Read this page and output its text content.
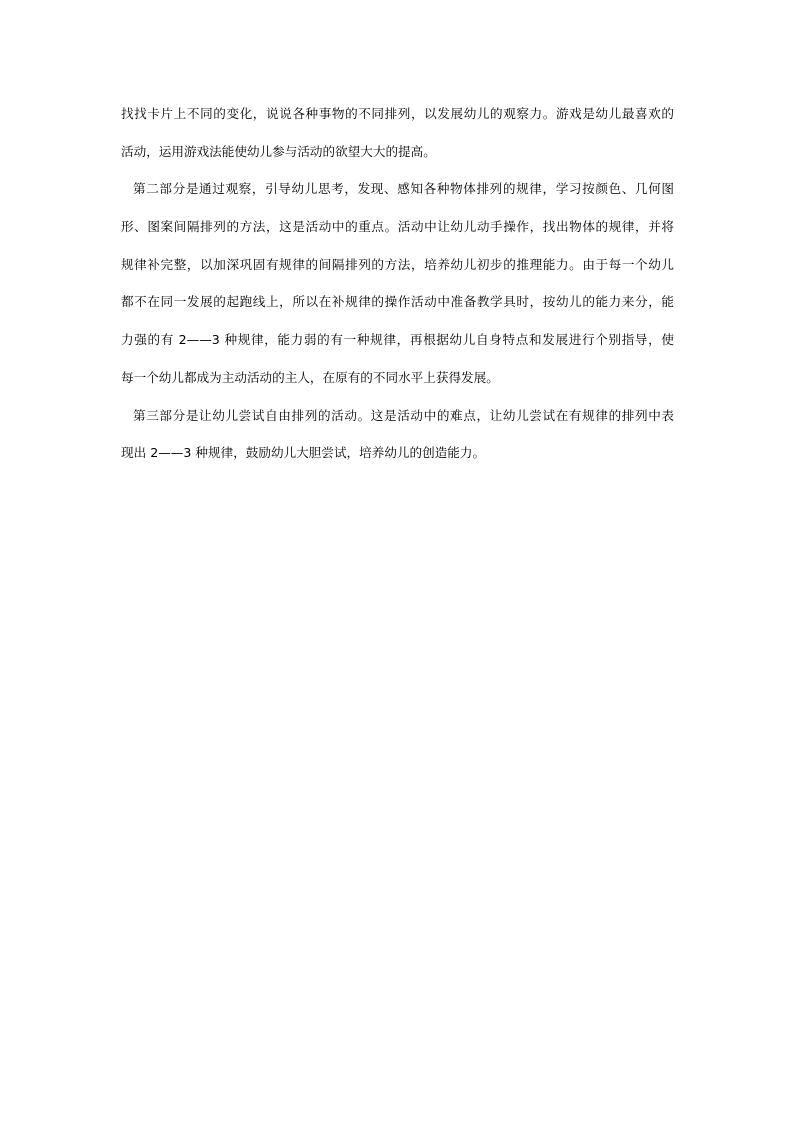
找找卡片上不同的变化，说说各种事物的不同排列，以发展幼儿的观察力。游戏是幼儿最喜欢的
活动，运用游戏法能使幼儿参与活动的欲望大大的提高。
第二部分是通过观察，引导幼儿思考，发现、感知各种物体排列的规律，学习按颜色、几何图
形、图案间隔排列的方法，这是活动中的重点。活动中让幼儿动手操作，找出物体的规律，并将
规律补完整，以加深巩固有规律的间隔排列的方法，培养幼儿初步的推理能力。由于每一个幼儿
都不在同一发展的起跑线上，所以在补规律的操作活动中准备教学具时，按幼儿的能力来分，能
力强的有 2——3 种规律，能力弱的有一种规律，再根据幼儿自身特点和发展进行个别指导，使
每一个幼儿都成为主动活动的主人，在原有的不同水平上获得发展。
第三部分是让幼儿尝试自由排列的活动。这是活动中的难点，让幼儿尝试在有规律的排列中表
现出 2——3 种规律，鼓励幼儿大胆尝试，培养幼儿的创造能力。
